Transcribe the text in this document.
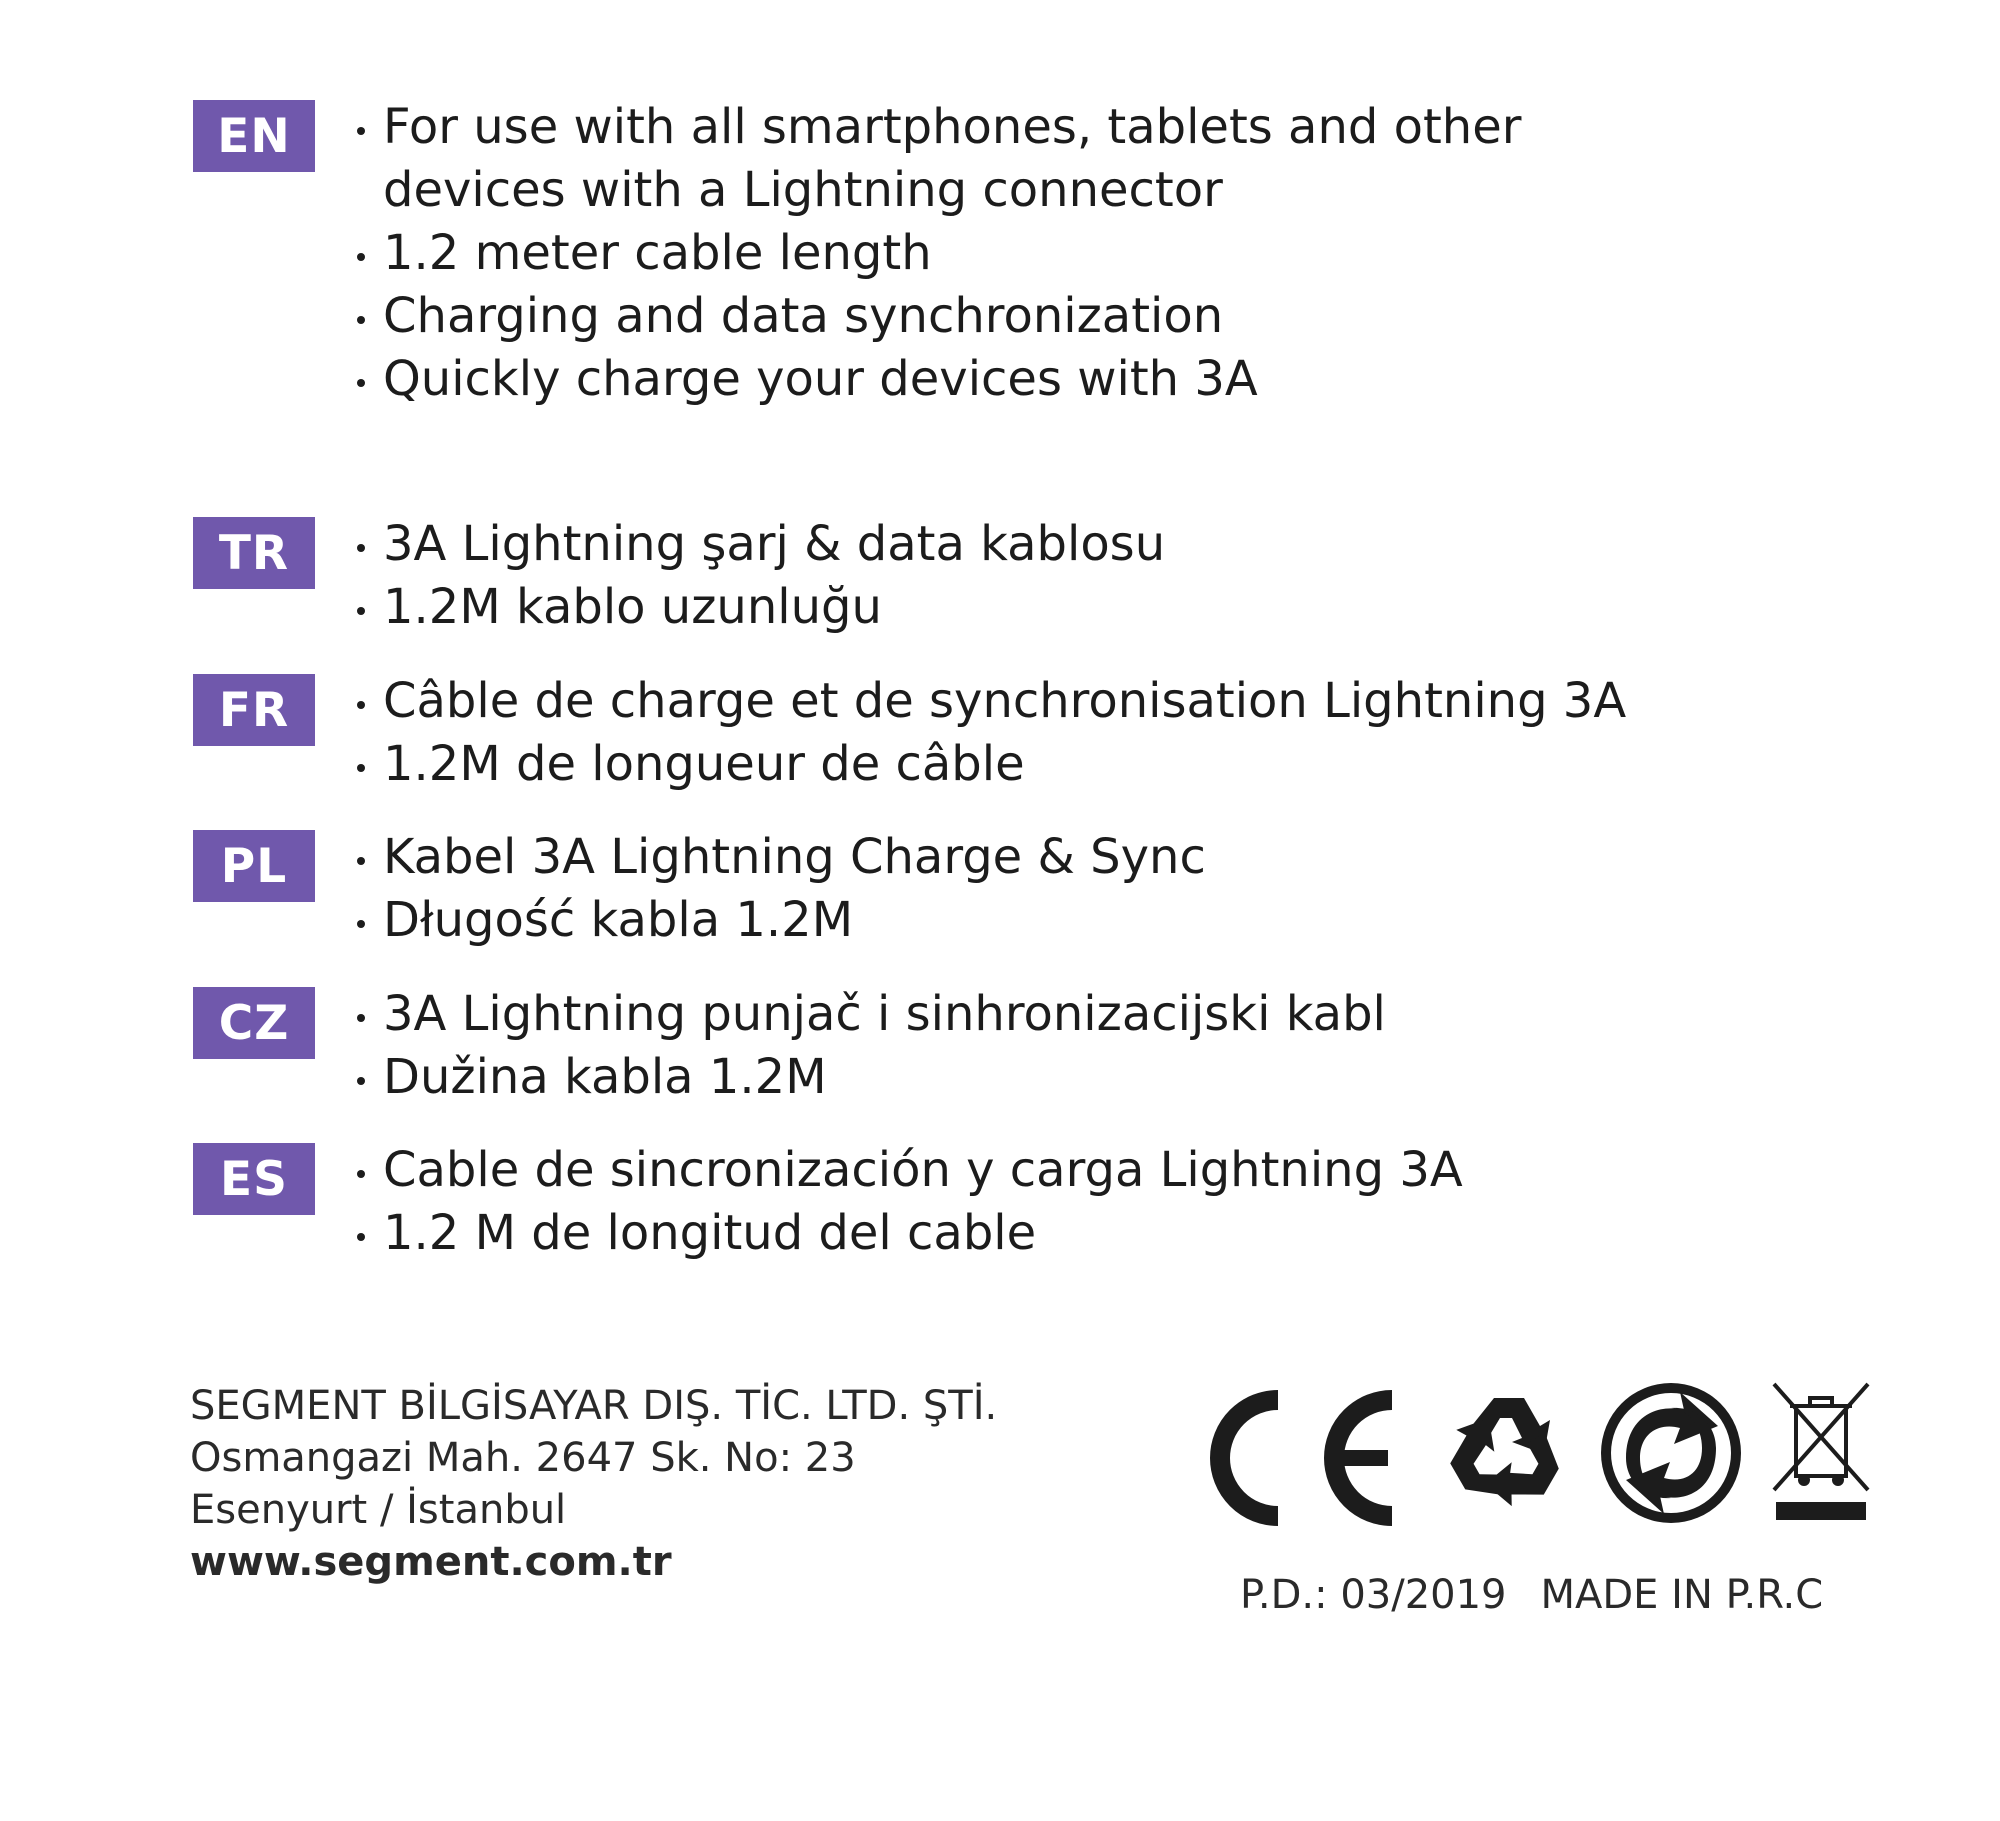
EN	For use with all smartphones, tablets and other
devices with a Lightning connector
1.2 meter cable length
Charging and data synchronization
Quickly charge your devices with 3A
TR	3A Lightning şarj & data kablosu
1.2M kablo uzunluğu
FR	Câble de charge et de synchronisation Lightning 3A
1.2M de longueur de câble
PL	Kabel 3A Lightning Charge & Sync
Długość kabla 1.2M
CZ	3A Lightning punjač i sinhronizacijski kabl
Dužina kabla 1.2M
ES	Cable de sincronización y carga Lightning 3A
1.2 M de longitud del cable
SEGMENT BİLGİSAYAR DIŞ. TİC. LTD. ŞTİ.
Osmangazi Mah. 2647 Sk. No: 23
Esenyurt / İstanbul
www.segment.com.tr
P.D.: 03/2019 MADE IN P.R.C
